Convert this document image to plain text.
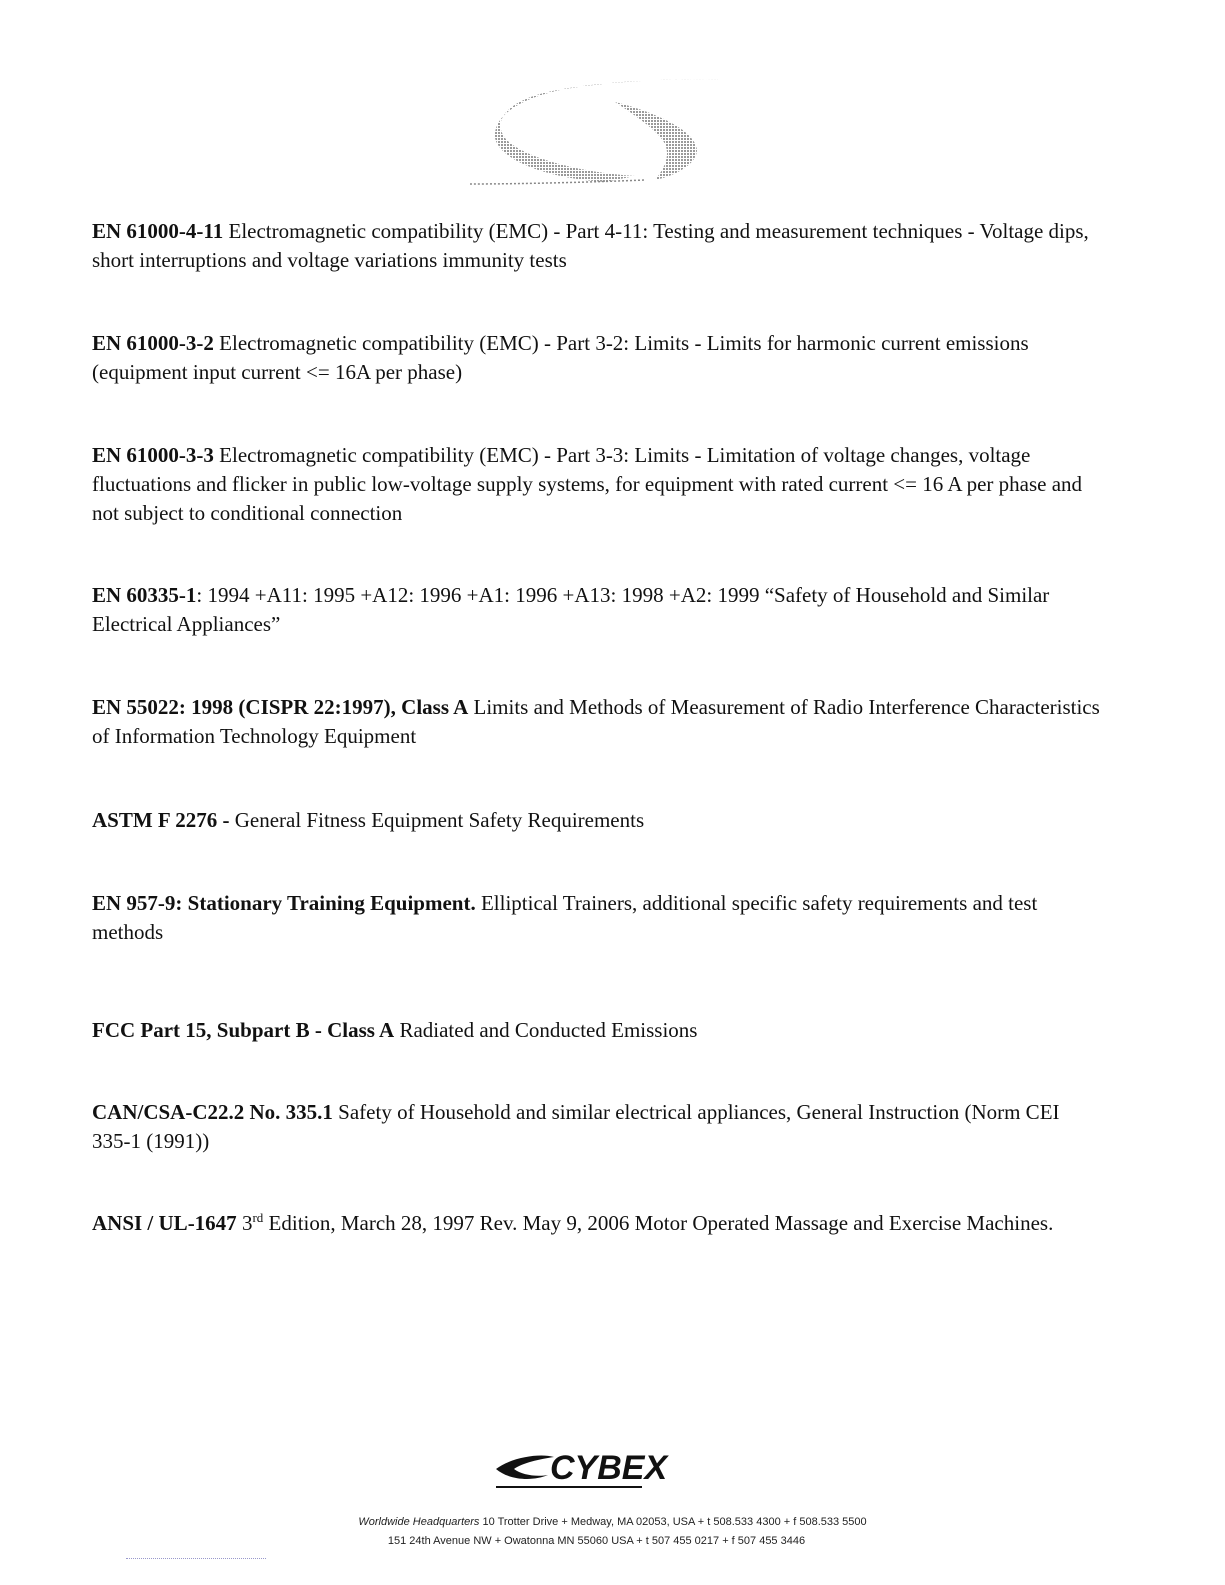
EN 61000-4-11 Electromagnetic compatibility (EMC) - Part 4-11: Testing and measurement techniques - Voltage dips, short interruptions and voltage variations immunity tests
EN 61000-3-2 Electromagnetic compatibility (EMC) - Part 3-2: Limits - Limits for harmonic current emissions (equipment input current <= 16A per phase)
EN 61000-3-3 Electromagnetic compatibility (EMC) - Part 3-3: Limits - Limitation of voltage changes, voltage fluctuations and flicker in public low-voltage supply systems, for equipment with rated current <= 16 A per phase and not subject to conditional connection
EN 60335-1: 1994 +A11: 1995 +A12: 1996 +A1: 1996 +A13: 1998 +A2: 1999 “Safety of Household and Similar Electrical Appliances”
EN 55022: 1998 (CISPR 22:1997), Class A Limits and Methods of Measurement of Radio Interference Characteristics of Information Technology Equipment
ASTM F 2276 - General Fitness Equipment Safety Requirements
EN 957-9: Stationary Training Equipment. Elliptical Trainers, additional specific safety requirements and test methods
FCC Part 15, Subpart B - Class A Radiated and Conducted Emissions
CAN/CSA-C22.2 No. 335.1 Safety of Household and similar electrical appliances, General Instruction (Norm CEI 335-1 (1991))
ANSI / UL-1647 3rd Edition, March 28, 1997 Rev. May 9, 2006 Motor Operated Massage and Exercise Machines.
CYBEX
Worldwide Headquarters 10 Trotter Drive + Medway, MA 02053, USA + t 508.533 4300 + f 508.533 5500
151 24th Avenue NW + Owatonna MN 55060 USA + t 507 455 0217 + f 507 455 3446
